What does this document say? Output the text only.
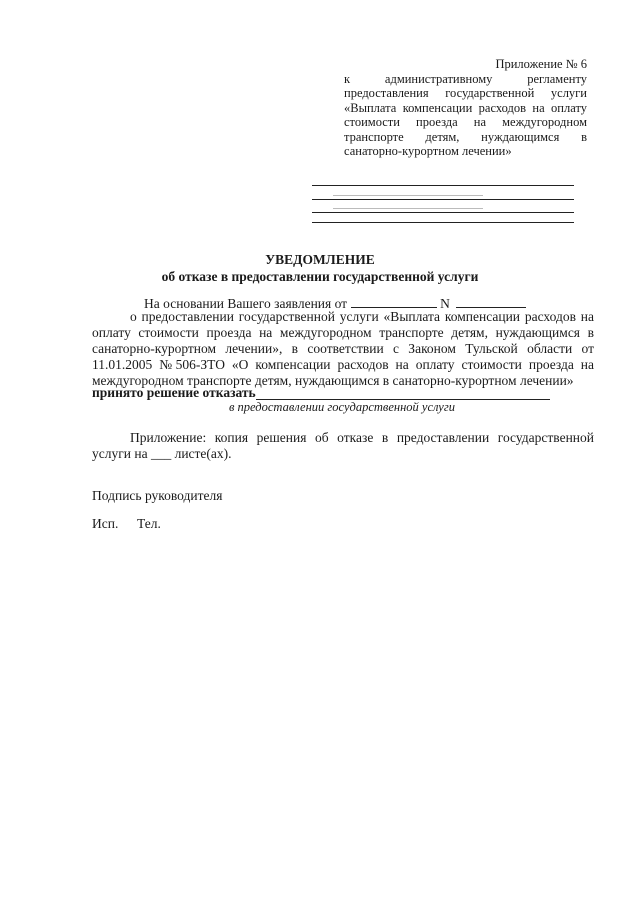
Приложение № 6
к административному регламенту предоставления государственной услуги «Выплата компенсации расходов на оплату стоимости проезда на междугородном транспорте детям, нуждающимся в санаторно-курортном лечении»
УВЕДОМЛЕНИЕ
об отказе в предоставлении государственной услуги
На основании Вашего заявления от	N
о предоставлении государственной услуги «Выплата компенсации расходов на оплату стоимости проезда на междугородном транспорте детям, нуждающимся в санаторно-курортном лечении», в соответствии с Законом Тульской области от 11.01.2005 №506-ЗТО «О компенсации расходов на оплату стоимости проезда на междугородном транспорте детям, нуждающимся в санаторно-курортном лечении»
принято решение отказать
в предоставлении государственной услуги
Приложение: копия решения об отказе в предоставлении государственной услуги на ___ листе(ах).
Подпись руководителя
Исп. Тел.
